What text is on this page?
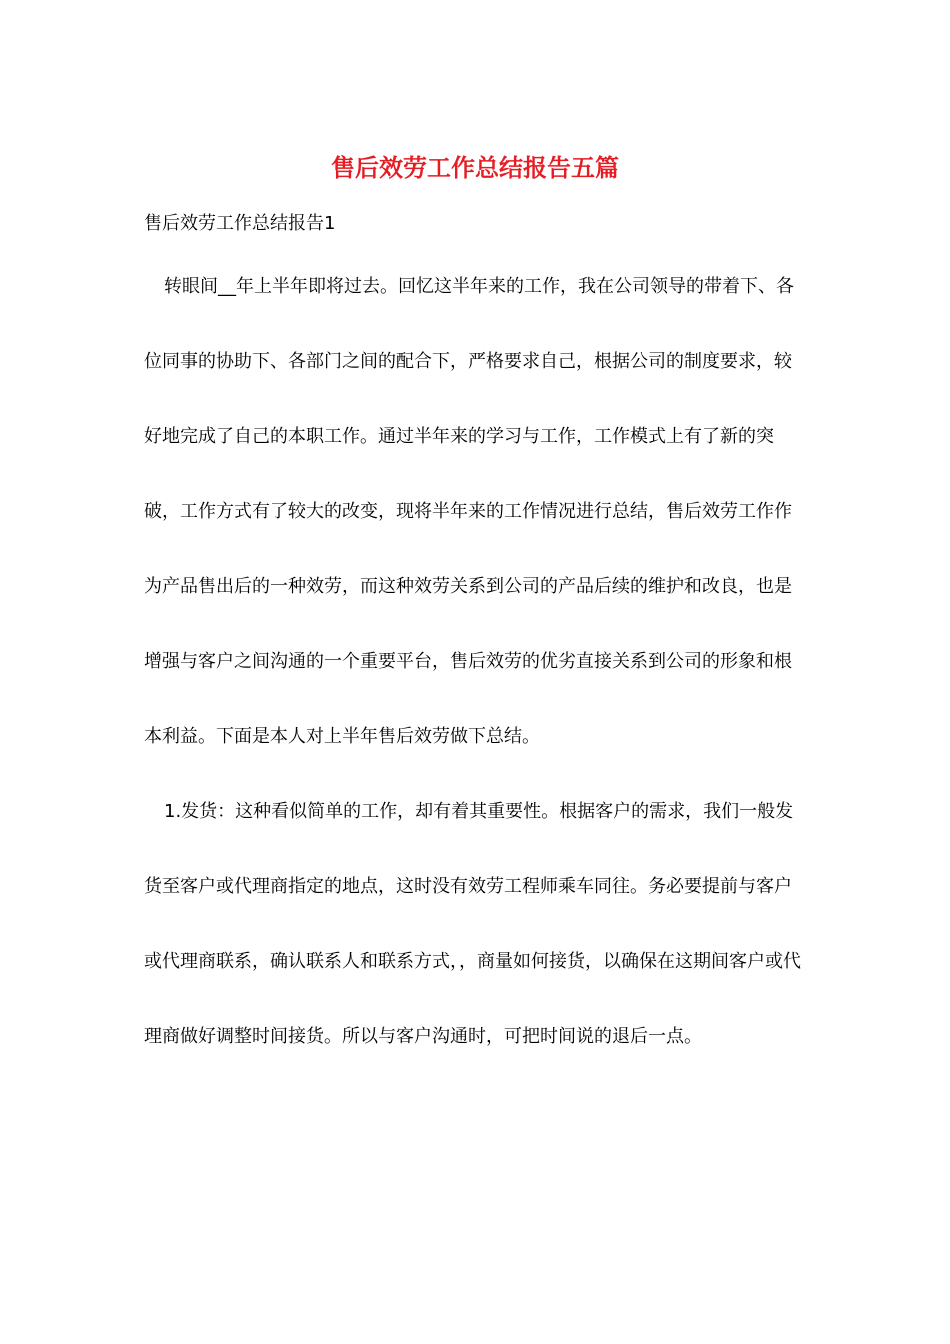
售后效劳工作总结报告五篇
售后效劳工作总结报告1

转眼间__年上半年即将过去。回忆这半年来的工作，我在公司领导的带着下、各位同事的协助下、各部门之间的配合下，严格要求自己，根据公司的制度要求，较好地完成了自己的本职工作。通过半年来的学习与工作，工作模式上有了新的突破，工作方式有了较大的改变，现将半年来的工作情况进行总结，售后效劳工作作为产品售出后的一种效劳，而这种效劳关系到公司的产品后续的维护和改良，也是增强与客户之间沟通的一个重要平台，售后效劳的优劣直接关系到公司的形象和根本利益。下面是本人对上半年售后效劳做下总结。

1.发货：这种看似简单的工作，却有着其重要性。根据客户的需求，我们一般发货至客户或代理商指定的地点，这时没有效劳工程师乘车同往。务必要提前与客户或代理商联系，确认联系人和联系方式，，商量如何接货，以确保在这期间客户或代理商做好调整时间接货。所以与客户沟通时，可把时间说的退后一点。
